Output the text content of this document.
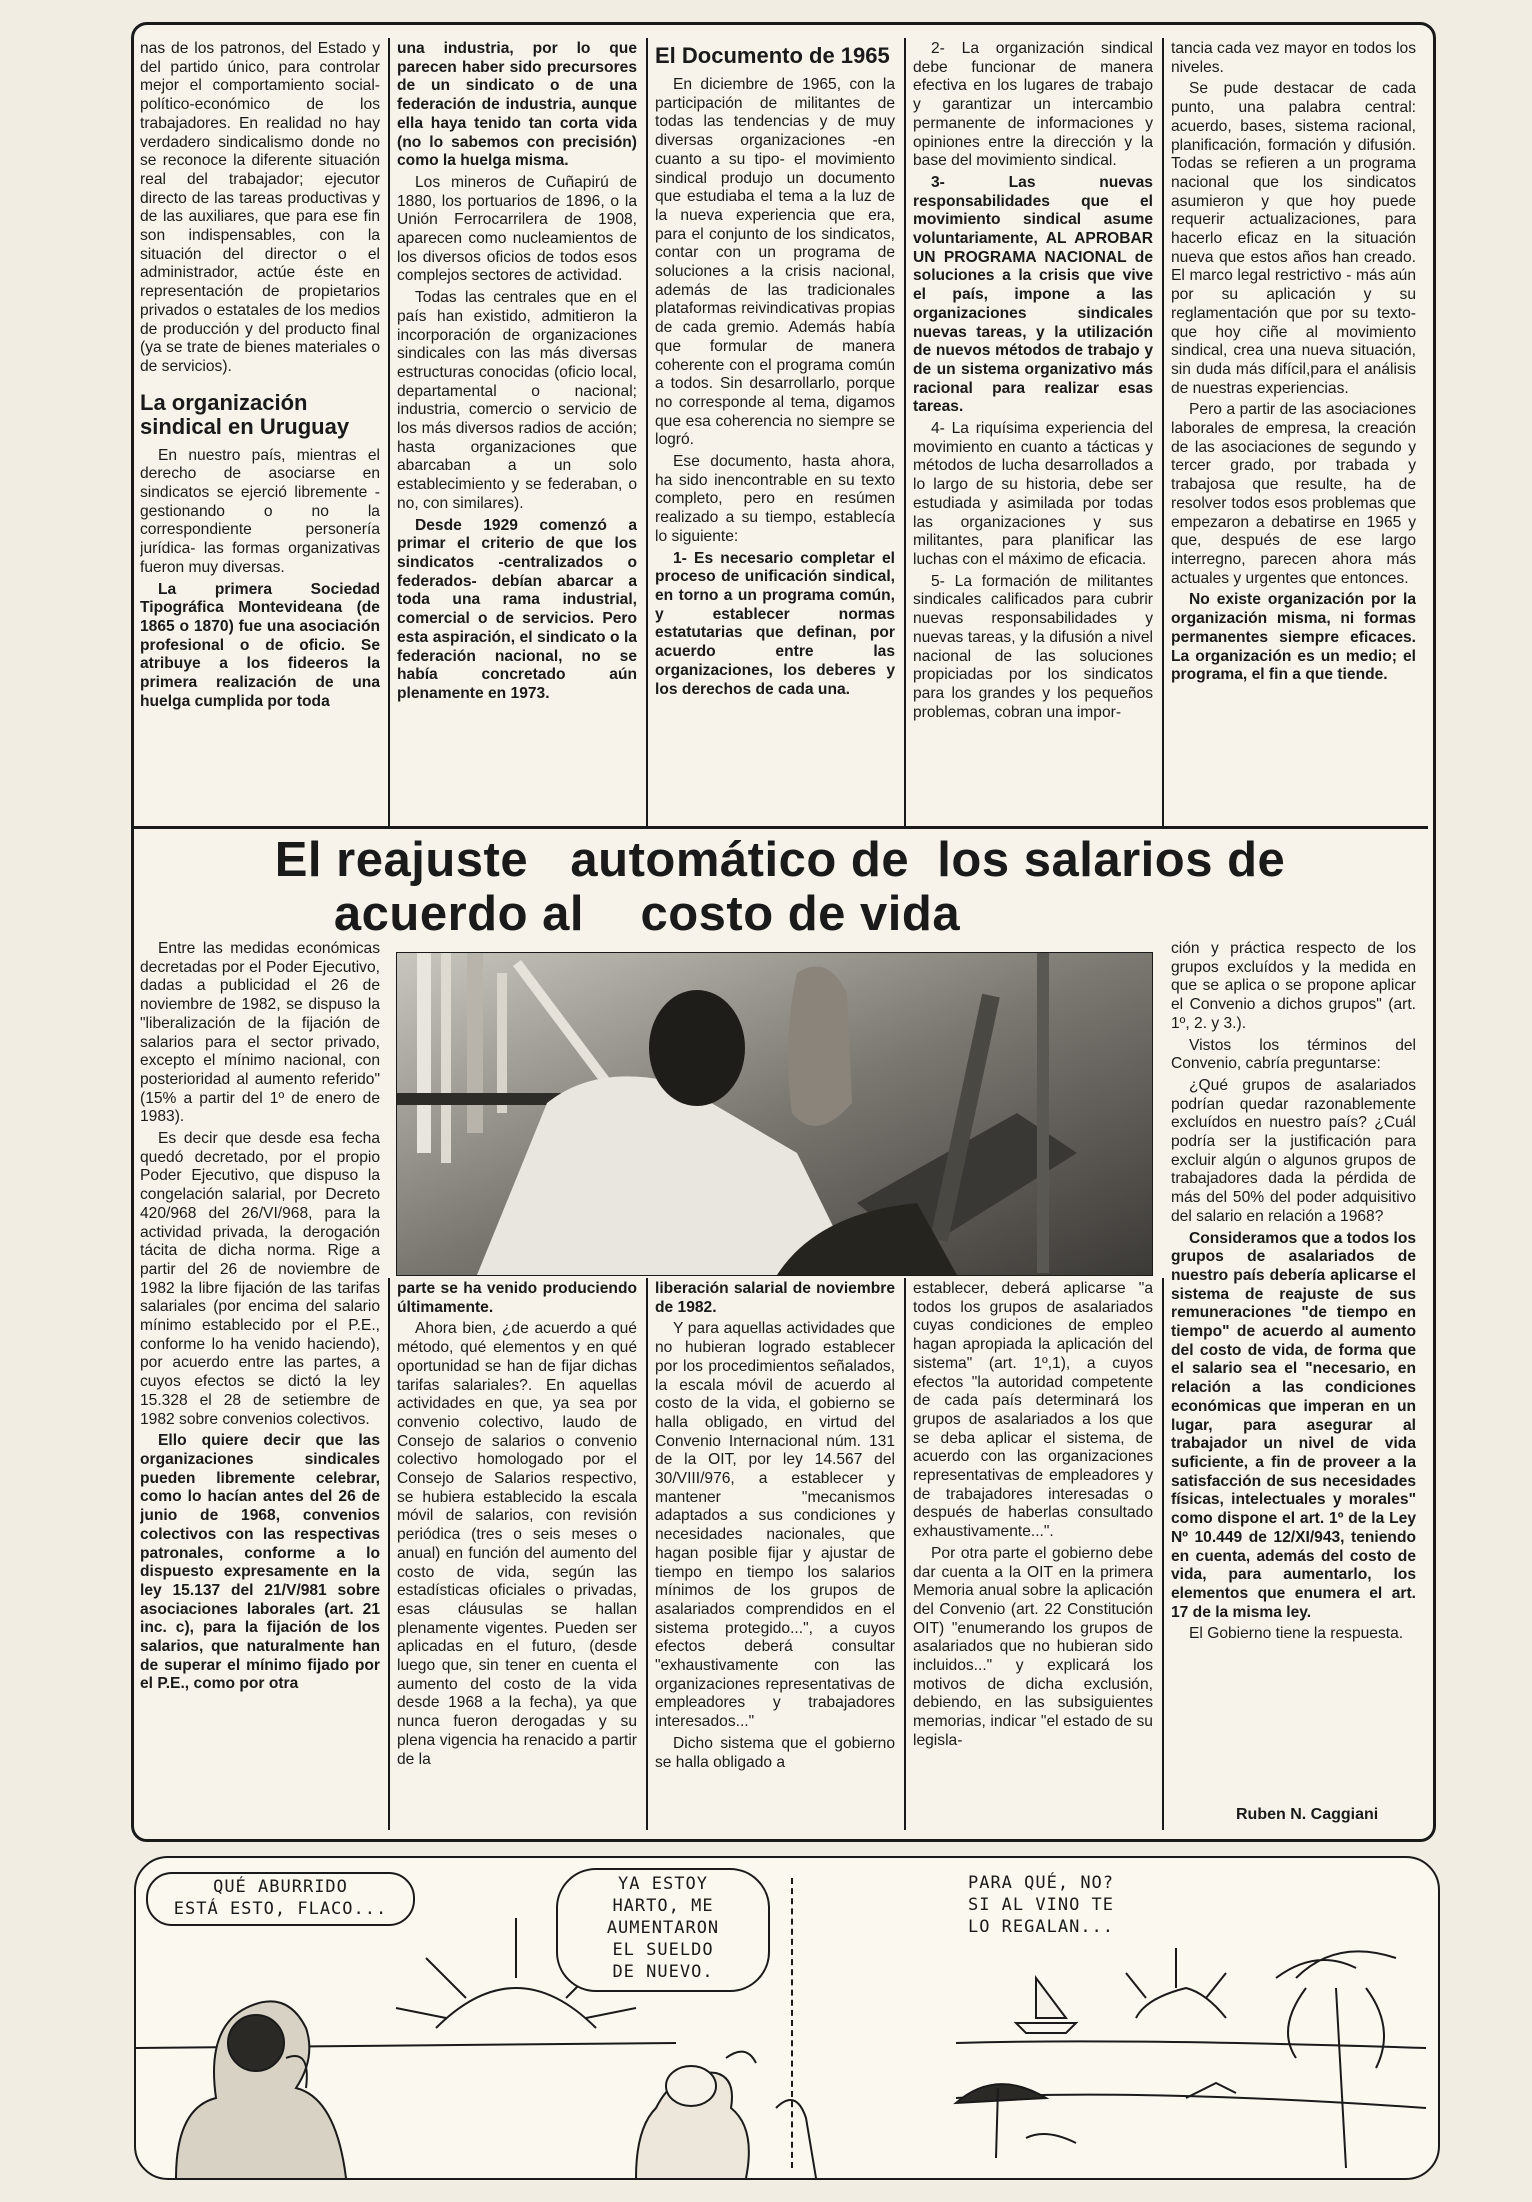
nas de los patronos, del Estado y del partido único, para controlar mejor el comportamiento social-político-económico de los trabajadores. En realidad no hay verdadero sindicalismo donde no se reconoce la diferente situación real del trabajador; ejecutor directo de las tareas productivas y de las auxiliares, que para ese fin son indispensables, con la situación del director o el administrador, actúe éste en representación de propietarios privados o estatales de los medios de producción y del producto final (ya se trate de bienes materiales o de servicios).

La organización sindical en Uruguay

En nuestro país, mientras el derecho de asociarse en sindicatos se ejerció libremente -gestionando o no la correspondiente personería jurídica- las formas organizativas fueron muy diversas.

La primera Sociedad Tipográfica Montevideana (de 1865 o 1870) fue una asociación profesional o de oficio. Se atribuye a los fideeros la primera realización de una huelga cumplida por toda

una industria, por lo que parecen haber sido precursores de un sindicato o de una federación de industria, aunque ella haya tenido tan corta vida (no lo sabemos con precisión) como la huelga misma.

Los mineros de Cuñapirú de 1880, los portuarios de 1896, o la Unión Ferrocarrilera de 1908, aparecen como nucleamientos de los diversos oficios de todos esos complejos sectores de actividad.

Todas las centrales que en el país han existido, admitieron la incorporación de organizaciones sindicales con las más diversas estructuras conocidas (oficio local, departamental o nacional; industria, comercio o servicio de los más diversos radios de acción; hasta organizaciones que abarcaban a un solo establecimiento y se federaban, o no, con similares).

Desde 1929 comenzó a primar el criterio de que los sindicatos -centralizados o federados- debían abarcar a toda una rama industrial, comercial o de servicios. Pero esta aspiración, el sindicato o la federación nacional, no se había concretado aún plenamente en 1973.

El Documento de 1965

En diciembre de 1965, con la participación de militantes de todas las tendencias y de muy diversas organizaciones -en cuanto a su tipo- el movimiento sindical produjo un documento que estudiaba el tema a la luz de la nueva experiencia que era, para el conjunto de los sindicatos, contar con un programa de soluciones a la crisis nacional, además de las tradicionales plataformas reivindicativas propias de cada gremio. Además había que formular de manera coherente con el programa común a todos. Sin desarrollarlo, porque no corresponde al tema, digamos que esa coherencia no siempre se logró.

Ese documento, hasta ahora, ha sido inencontrable en su texto completo, pero en resúmen realizado a su tiempo, establecía lo siguiente:

1- Es necesario completar el proceso de unificación sindical, en torno a un programa común, y establecer normas estatutarias que definan, por acuerdo entre las organizaciones, los deberes y los derechos de cada una.

2- La organización sindical debe funcionar de manera efectiva en los lugares de trabajo y garantizar un intercambio permanente de informaciones y opiniones entre la dirección y la base del movimiento sindical.

3- Las nuevas responsabilidades que el movimiento sindical asume voluntariamente, AL APROBAR UN PROGRAMA NACIONAL de soluciones a la crisis que vive el país, impone a las organizaciones sindicales nuevas tareas, y la utilización de nuevos métodos de trabajo y de un sistema organizativo más racional para realizar esas tareas.

4- La riquísima experiencia del movimiento en cuanto a tácticas y métodos de lucha desarrollados a lo largo de su historia, debe ser estudiada y asimilada por todas las organizaciones y sus militantes, para planificar las luchas con el máximo de eficacia.

5- La formación de militantes sindicales calificados para cubrir nuevas responsabilidades y nuevas tareas, y la difusión a nivel nacional de las soluciones propiciadas por los sindicatos para los grandes y los pequeños problemas, cobran una impor-

tancia cada vez mayor en todos los niveles.

Se pude destacar de cada punto, una palabra central: acuerdo, bases, sistema racional, planificación, formación y difusión. Todas se refieren a un programa nacional que los sindicatos asumieron y que hoy puede requerir actualizaciones, para hacerlo eficaz en la situación nueva que estos años han creado. El marco legal restrictivo - más aún por su aplicación y su reglamentación que por su texto- que hoy ciñe al movimiento sindical, crea una nueva situación, sin duda más difícil,para el análisis de nuestras experiencias.

Pero a partir de las asociaciones laborales de empresa, la creación de las asociaciones de segundo y tercer grado, por trabada y trabajosa que resulte, ha de resolver todos esos problemas que empezaron a debatirse en 1965 y que, después de ese largo interregno, parecen ahora más actuales y urgentes que entonces.

No existe organización por la organización misma, ni formas permanentes siempre eficaces. La organización es un medio; el programa, el fin a que tiende.

El reajuste   automático de  los salarios de
acuerdo al    costo de vida

Entre las medidas económicas decretadas por el Poder Ejecutivo, dadas a publicidad el 26 de noviembre de 1982, se dispuso la "liberalización de la fijación de salarios para el sector privado, excepto el mínimo nacional, con posterioridad al aumento referido" (15% a partir del 1º de enero de 1983).

Es decir que desde esa fecha quedó decretado, por el propio Poder Ejecutivo, que dispuso la congelación salarial, por Decreto 420/968 del 26/VI/968, para la actividad privada, la derogación tácita de dicha norma. Rige a partir del 26 de noviembre de 1982 la libre fijación de las tarifas salariales (por encima del salario mínimo establecido por el P.E., conforme lo ha venido haciendo), por acuerdo entre las partes, a cuyos efectos se dictó la ley 15.328 el 28 de setiembre de 1982 sobre convenios colectivos.

Ello quiere decir que las organizaciones sindicales pueden libremente celebrar, como lo hacían antes del 26 de junio de 1968, convenios colectivos con las respectivas patronales, conforme a lo dispuesto expresamente en la ley 15.137 del 21/V/981 sobre asociaciones laborales (art. 21 inc. c), para la fijación de los salarios, que naturalmente han de superar el mínimo fijado por el P.E., como por otra

parte se ha venido produciendo últimamente.

Ahora bien, ¿de acuerdo a qué método, qué elementos y en qué oportunidad se han de fijar dichas tarifas salariales?. En aquellas actividades en que, ya sea por convenio colectivo, laudo de Consejo de salarios o convenio colectivo homologado por el Consejo de Salarios respectivo, se hubiera establecido la escala móvil de salarios, con revisión periódica (tres o seis meses o anual) en función del aumento del costo de vida, según las estadísticas oficiales o privadas, esas cláusulas se hallan plenamente vigentes. Pueden ser aplicadas en el futuro, (desde luego que, sin tener en cuenta el aumento del costo de la vida desde 1968 a la fecha), ya que nunca fueron derogadas y su plena vigencia ha renacido a partir de la

liberación salarial de noviembre de 1982.

Y para aquellas actividades que no hubieran logrado establecer por los procedimientos señalados, la escala móvil de acuerdo al costo de la vida, el gobierno se halla obligado, en virtud del Convenio Internacional núm. 131 de la OIT, por ley 14.567 del 30/VIII/976, a establecer y mantener "mecanismos adaptados a sus condiciones y necesidades nacionales, que hagan posible fijar y ajustar de tiempo en tiempo los salarios mínimos de los grupos de asalariados comprendidos en el sistema protegido...", a cuyos efectos deberá consultar "exhaustivamente con las organizaciones representativas de empleadores y trabajadores interesados..."

Dicho sistema que el gobierno se halla obligado a

establecer, deberá aplicarse "a todos los grupos de asalariados cuyas condiciones de empleo hagan apropiada la aplicación del sistema" (art. 1º,1), a cuyos efectos "la autoridad competente de cada país determinará los grupos de asalariados a los que se deba aplicar el sistema, de acuerdo con las organizaciones representativas de empleadores y de trabajadores interesadas o después de haberlas consultado exhaustivamente...".

Por otra parte el gobierno debe dar cuenta a la OIT en la primera Memoria anual sobre la aplicación del Convenio (art. 22 Constitución OIT) "enumerando los grupos de asalariados que no hubieran sido incluidos..." y explicará los motivos de dicha exclusión, debiendo, en las subsiguientes memorias, indicar "el estado de su legisla-

ción y práctica respecto de los grupos excluídos y la medida en que se aplica o se propone aplicar el Convenio a dichos grupos" (art. 1º, 2. y 3.).

Vistos los términos del Convenio, cabría preguntarse:

¿Qué grupos de asalariados podrían quedar razonablemente excluídos en nuestro país? ¿Cuál podría ser la justificación para excluir algún o algunos grupos de trabajadores dada la pérdida de más del 50% del poder adquisitivo del salario en relación a 1968?

Consideramos que a todos los grupos de asalariados de nuestro país debería aplicarse el sistema de reajuste de sus remuneraciones "de tiempo en tiempo" de acuerdo al aumento del costo de vida, de forma que el salario sea el "necesario, en relación a las condiciones económicas que imperan en un lugar, para asegurar al trabajador un nivel de vida suficiente, a fin de proveer a la satisfacción de sus necesidades físicas, intelectuales y morales" como dispone el art. 1º de la Ley Nº 10.449 de 12/XI/943, teniendo en cuenta, además del costo de vida, para aumentarlo, los elementos que enumera el art. 17 de la misma ley.

El Gobierno tiene la respuesta.

Ruben N. Caggiani
QUÉ ABURRIDO
ESTÁ ESTO, FLACO...
YA ESTOY
HARTO, ME
AUMENTARON
EL SUELDO
DE NUEVO.
PARA QUÉ, NO?
SI AL VINO TE
LO REGALAN...
